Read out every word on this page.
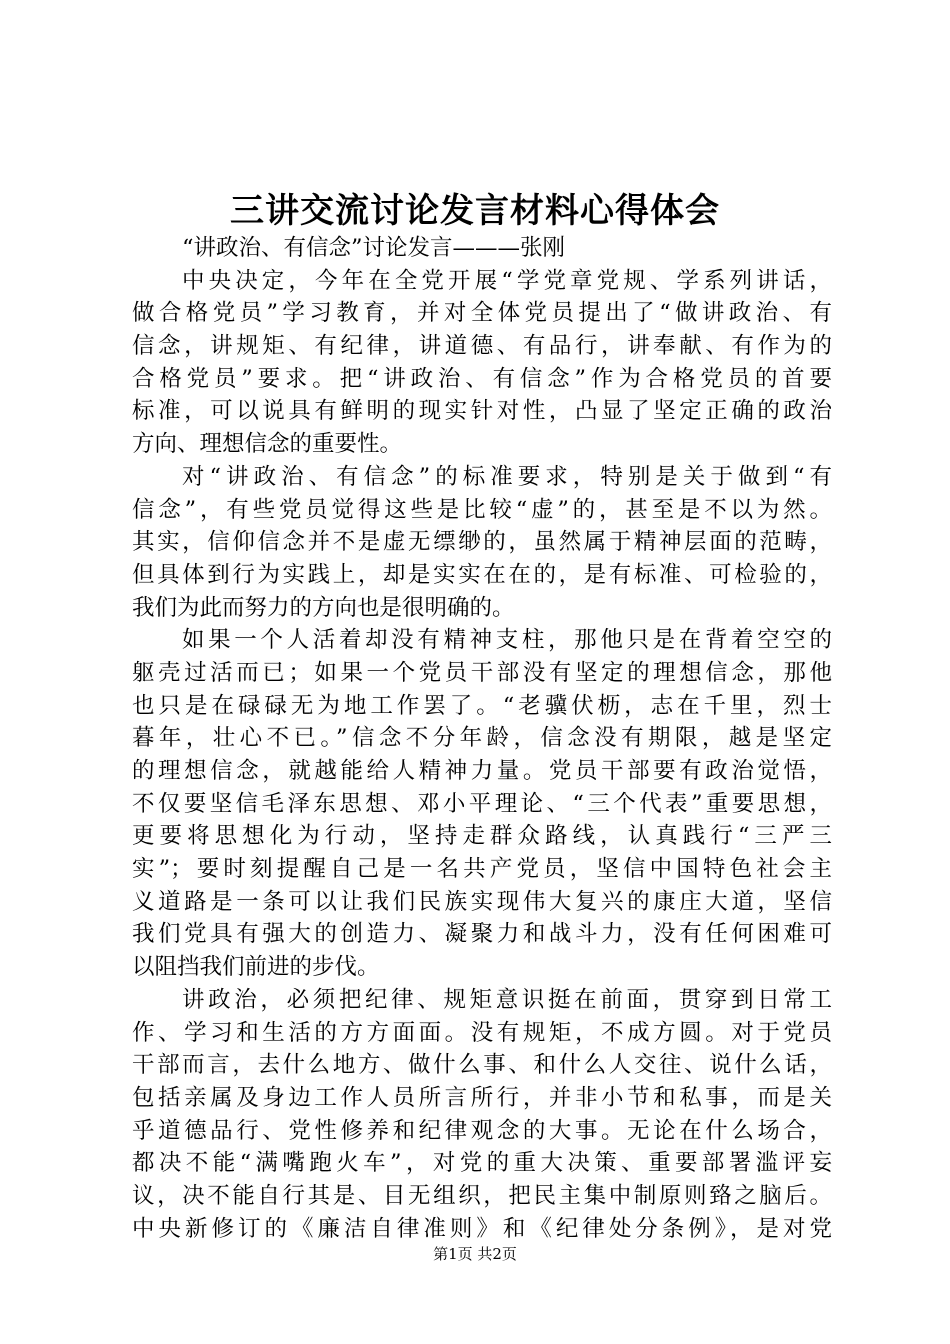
三讲交流讨论发言材料心得体会
“讲政治、有信念”讨论发言———张刚
中央决定，今年在全党开展“学党章党规、学系列讲话，
做合格党员”学习教育，并对全体党员提出了“做讲政治、有
信念，讲规矩、有纪律，讲道德、有品行，讲奉献、有作为的
合格党员”要求。把“讲政治、有信念”作为合格党员的首要
标准，可以说具有鲜明的现实针对性，凸显了坚定正确的政治
方向、理想信念的重要性。
对“讲政治、有信念”的标准要求，特别是关于做到“有
信念”，有些党员觉得这些是比较“虚”的，甚至是不以为然。
其实，信仰信念并不是虚无缥缈的，虽然属于精神层面的范畴，
但具体到行为实践上，却是实实在在的，是有标准、可检验的，
我们为此而努力的方向也是很明确的。
如果一个人活着却没有精神支柱，那他只是在背着空空的
躯壳过活而已；如果一个党员干部没有坚定的理想信念，那他
也只是在碌碌无为地工作罢了。“老骥伏枥，志在千里，烈士
暮年，壮心不已。”信念不分年龄，信念没有期限，越是坚定
的理想信念，就越能给人精神力量。党员干部要有政治觉悟，
不仅要坚信毛泽东思想、邓小平理论、“三个代表”重要思想，
更要将思想化为行动，坚持走群众路线，认真践行“三严三
实”；要时刻提醒自己是一名共产党员，坚信中国特色社会主
义道路是一条可以让我们民族实现伟大复兴的康庄大道，坚信
我们党具有强大的创造力、凝聚力和战斗力，没有任何困难可
以阻挡我们前进的步伐。
讲政治，必须把纪律、规矩意识挺在前面，贯穿到日常工
作、学习和生活的方方面面。没有规矩，不成方圆。对于党员
干部而言，去什么地方、做什么事、和什么人交往、说什么话，
包括亲属及身边工作人员所言所行，并非小节和私事，而是关
乎道德品行、党性修养和纪律观念的大事。无论在什么场合，
都决不能“满嘴跑火车”，对党的重大决策、重要部署滥评妄
议，决不能自行其是、目无组织，把民主集中制原则臵之脑后。
中央新修订的《廉洁自律准则》和《纪律处分条例》，是对党
第1页 共2页
